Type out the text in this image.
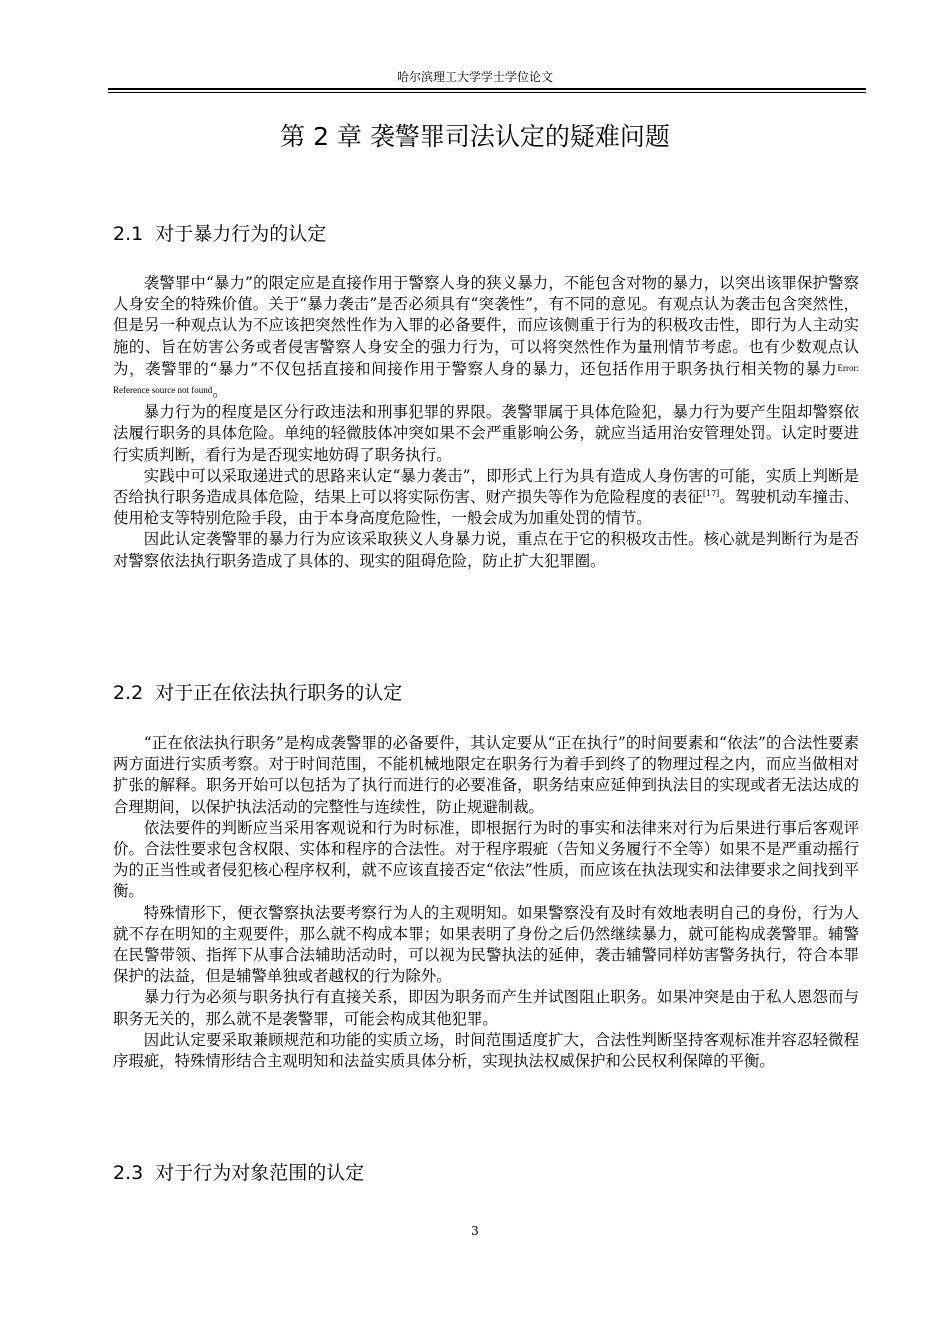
哈尔滨理工大学学士学位论文
第 2 章 袭警罪司法认定的疑难问题
2.1 对于暴力行为的认定

袭警罪中“暴力”的限定应是直接作用于警察人身的狭义暴力，不能包含对物的暴力，以突出该罪保护警察人身安全的特殊价值。关于“暴力袭击”是否必须具有“突袭性”，有不同的意见。有观点认为袭击包含突然性，但是另一种观点认为不应该把突然性作为入罪的必备要件，而应该侧重于行为的积极攻击性，即行为人主动实施的、旨在妨害公务或者侵害警察人身安全的强力行为，可以将突然性作为量刑情节考虑。也有少数观点认为，袭警罪的“暴力”不仅包括直接和间接作用于警察人身的暴力，还包括作用于职务执行相关物的暴力Error: Reference source not found。

暴力行为的程度是区分行政违法和刑事犯罪的界限。袭警罪属于具体危险犯，暴力行为要产生阻却警察依法履行职务的具体危险。单纯的轻微肢体冲突如果不会严重影响公务，就应当适用治安管理处罚。认定时要进行实质判断，看行为是否现实地妨碍了职务执行。

实践中可以采取递进式的思路来认定“暴力袭击”，即形式上行为具有造成人身伤害的可能，实质上判断是否给执行职务造成具体危险，结果上可以将实际伤害、财产损失等作为危险程度的表征[17]。驾驶机动车撞击、使用枪支等特别危险手段，由于本身高度危险性，一般会成为加重处罚的情节。

因此认定袭警罪的暴力行为应该采取狭义人身暴力说，重点在于它的积极攻击性。核心就是判断行为是否对警察依法执行职务造成了具体的、现实的阻碍危险，防止扩大犯罪圈。

2.2 对于正在依法执行职务的认定

“正在依法执行职务”是构成袭警罪的必备要件，其认定要从“正在执行”的时间要素和“依法”的合法性要素两方面进行实质考察。对于时间范围，不能机械地限定在职务行为着手到终了的物理过程之内，而应当做相对扩张的解释。职务开始可以包括为了执行而进行的必要准备，职务结束应延伸到执法目的实现或者无法达成的合理期间，以保护执法活动的完整性与连续性，防止规避制裁。

依法要件的判断应当采用客观说和行为时标准，即根据行为时的事实和法律来对行为后果进行事后客观评价。合法性要求包含权限、实体和程序的合法性。对于程序瑕疵（告知义务履行不全等）如果不是严重动摇行为的正当性或者侵犯核心程序权利，就不应该直接否定“依法”性质，而应该在执法现实和法律要求之间找到平衡。

特殊情形下，便衣警察执法要考察行为人的主观明知。如果警察没有及时有效地表明自己的身份，行为人就不存在明知的主观要件，那么就不构成本罪；如果表明了身份之后仍然继续暴力，就可能构成袭警罪。辅警在民警带领、指挥下从事合法辅助活动时，可以视为民警执法的延伸，袭击辅警同样妨害警务执行，符合本罪保护的法益，但是辅警单独或者越权的行为除外。

暴力行为必须与职务执行有直接关系，即因为职务而产生并试图阻止职务。如果冲突是由于私人恩怨而与职务无关的，那么就不是袭警罪，可能会构成其他犯罪。

因此认定要采取兼顾规范和功能的实质立场，时间范围适度扩大，合法性判断坚持客观标准并容忍轻微程序瑕疵，特殊情形结合主观明知和法益实质具体分析，实现执法权威保护和公民权利保障的平衡。

2.3 对于行为对象范围的认定
3
